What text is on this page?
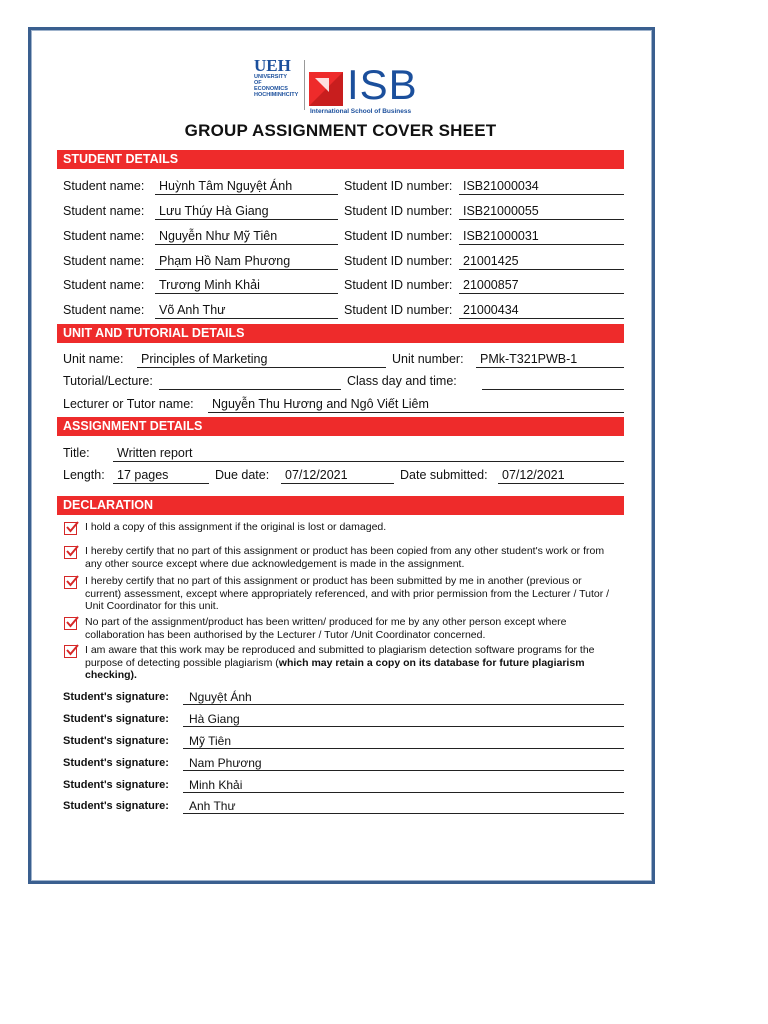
UEH
UNIVERSITY
OF
ECONOMICS
HOCHIMINHCITY ISB
International School of Business
GROUP ASSIGNMENT COVER SHEET
STUDENT DETAILS
Student name:	Huỳnh Tâm Nguyệt Ánh	Student ID number: ISB21000034
Student name:	Lưu Thúy Hà Giang	Student ID number: ISB21000055
Student name:	Nguyễn Như Mỹ Tiên	Student ID number: ISB21000031
Student name:	Phạm Hồ Nam Phương	Student ID number: 21001425
Student name:	Trương Minh Khải	Student ID number: 21000857
Student name:	Võ Anh Thư	Student ID number: 21000434
UNIT AND TUTORIAL DETAILS
Unit name:	Principles of Marketing	Unit number:	PMk-T321PWB-1
Tutorial/Lecture:	Class day and time:
Lecturer or Tutor name:	Nguyễn Thu Hương and Ngô Viết Liêm
ASSIGNMENT DETAILS
Title:	Written report
Length: 17 pages	Due date:	07/12/2021	Date submitted:	07/12/2021
DECLARATION
I hold a copy of this assignment if the original is lost or damaged.
I hereby certify that no part of this assignment or product has been copied from any other student's work or from any other source except where due acknowledgement is made in the assignment.
I hereby certify that no part of this assignment or product has been submitted by me in another (previous or current) assessment, except where appropriately referenced, and with prior permission from the Lecturer / Tutor / Unit Coordinator for this unit.
No part of the assignment/product has been written/ produced for me by any other person except where collaboration has been authorised by the Lecturer / Tutor /Unit Coordinator concerned.
I am aware that this work may be reproduced and submitted to plagiarism detection software programs for the purpose of detecting possible plagiarism (which may retain a copy on its database for future plagiarism checking).
Student's signature:	Nguyệt Ánh
Student's signature:	Hà Giang
Student's signature:	Mỹ Tiên
Student's signature:	Nam Phương
Student's signature:	Minh Khải
Student's signature:	Anh Thư
